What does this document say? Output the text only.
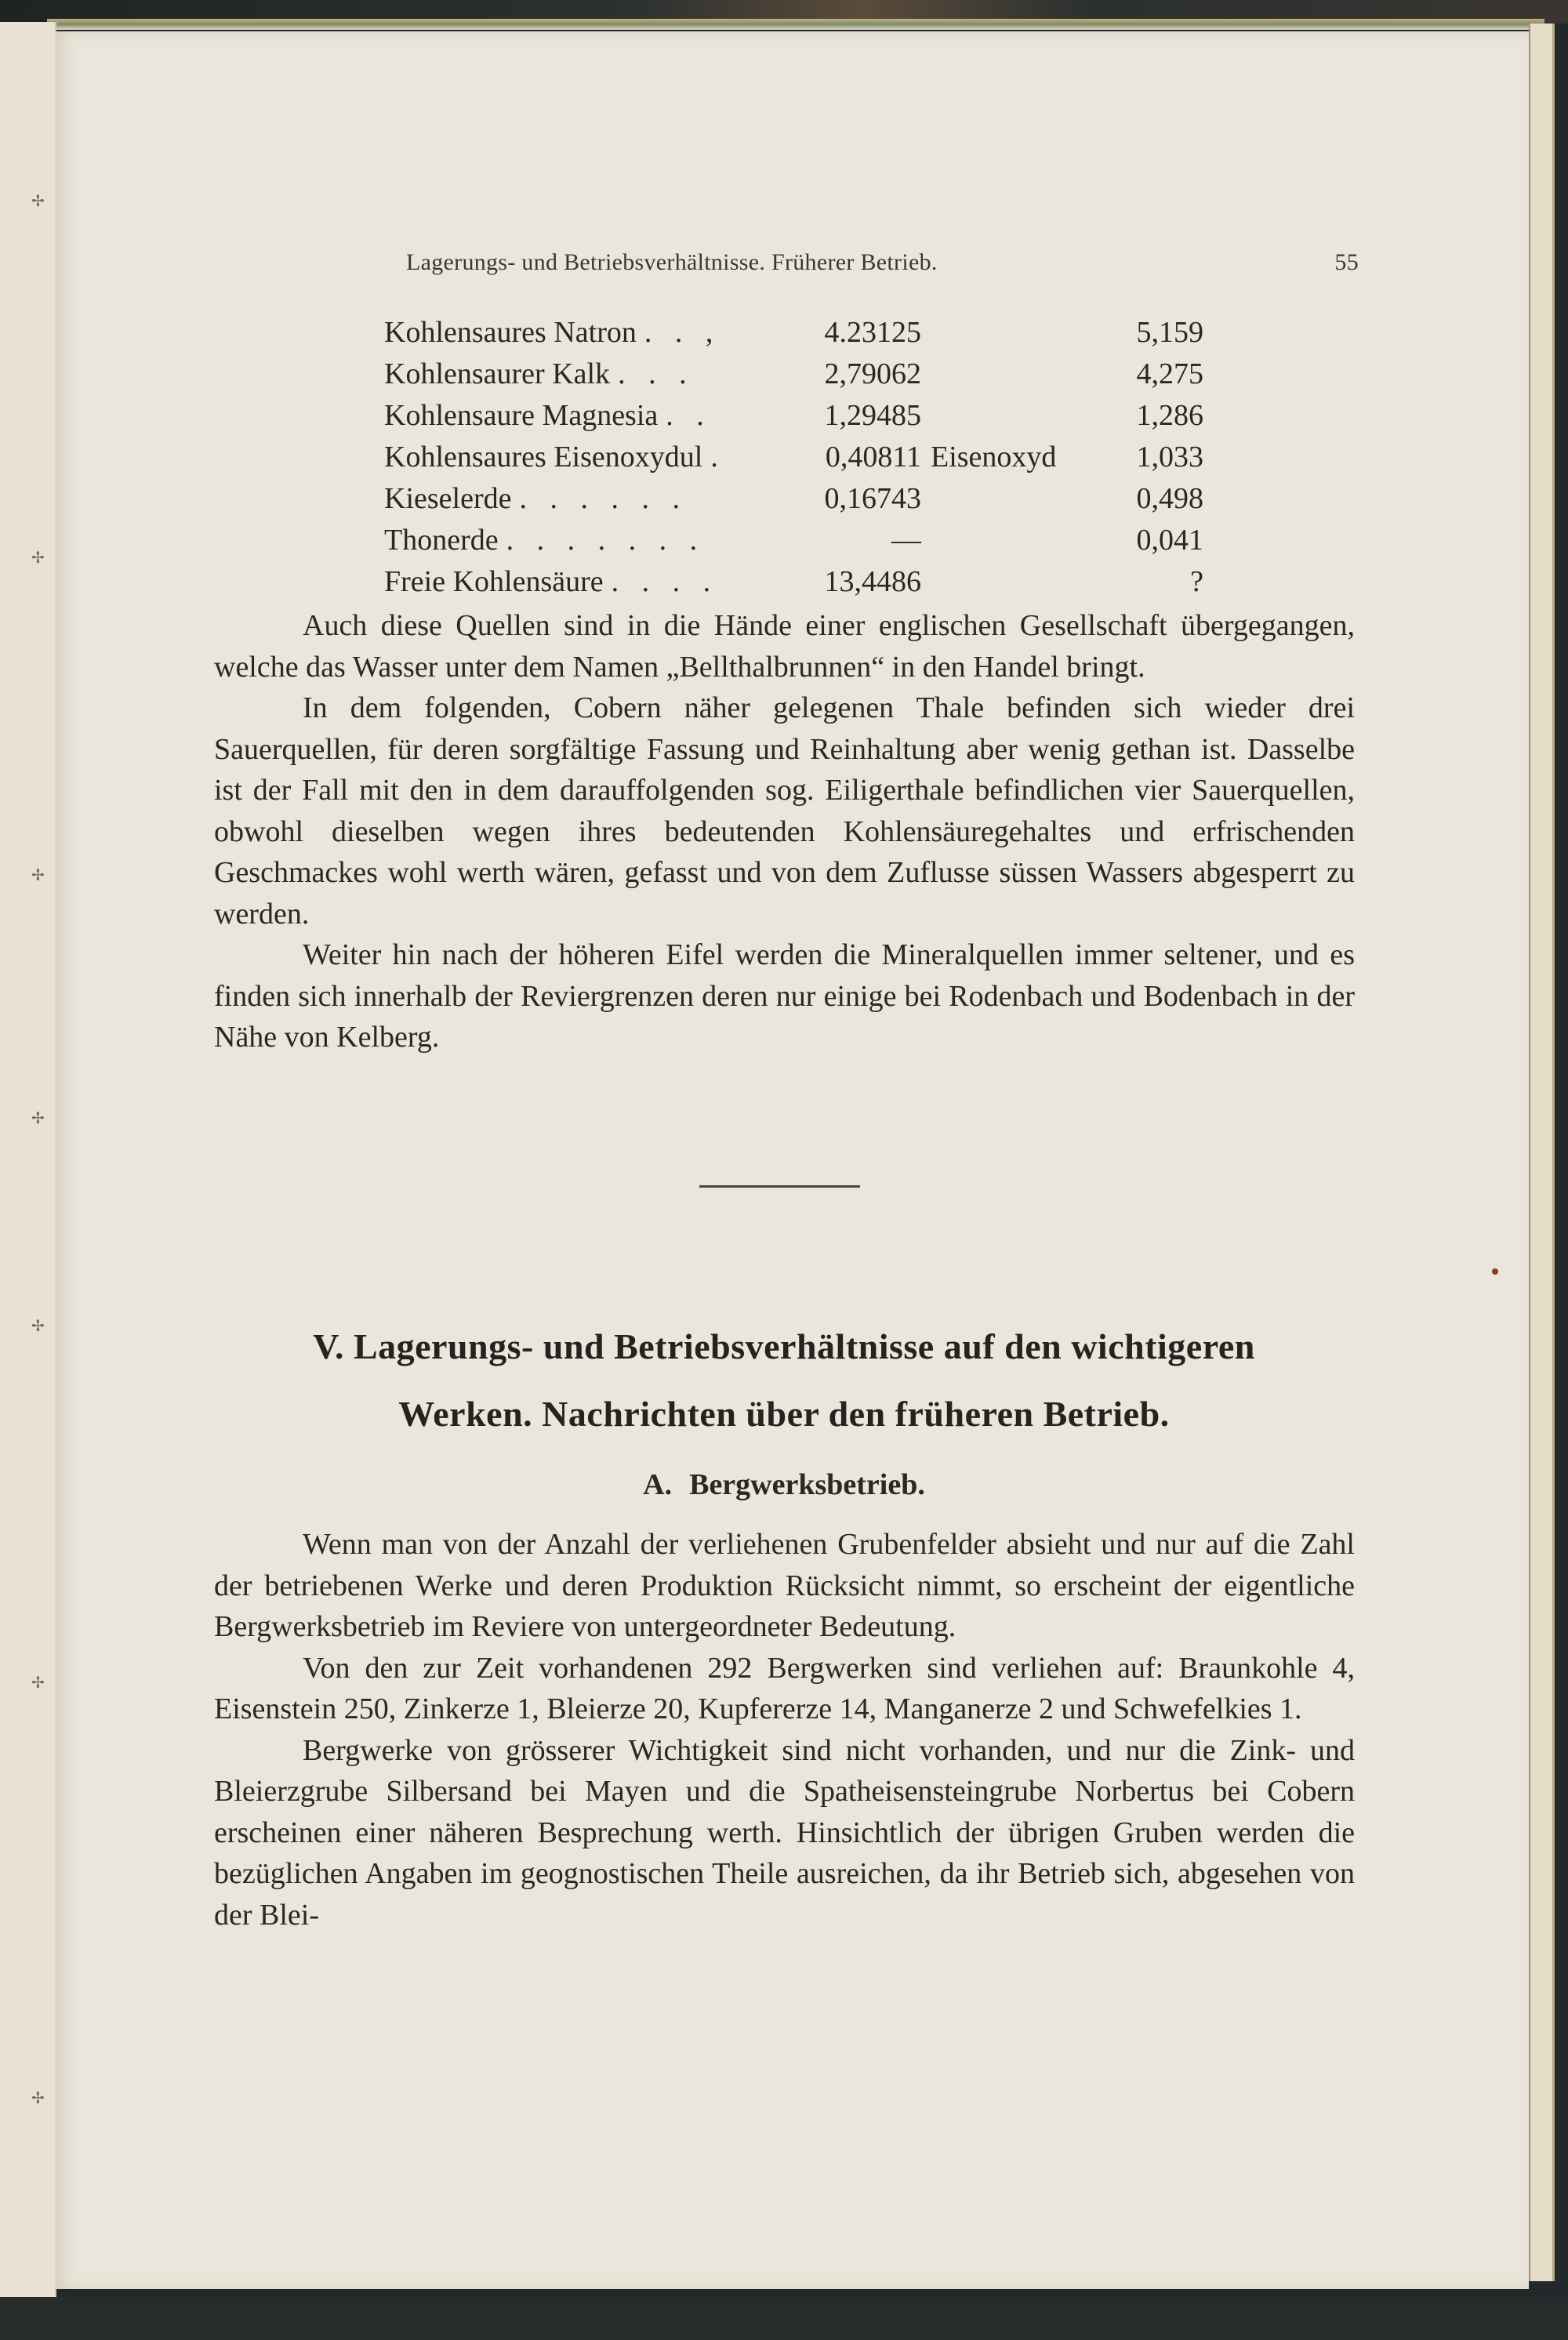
✢
✢
✢
✢
✢
✢
✢
Lagerungs- und Betriebsverhältnisse. Früherer Betrieb.	55
Kohlensaures Natron . . ,	4.23125	5,159
Kohlensaurer Kalk . . .	2,79062	4,275
Kohlensaure Magnesia . .	1,29485	1,286
Kohlensaures Eisenoxydul .	0,40811 Eisenoxyd	1,033
Kieselerde . . . . . .	0,16743	0,498
Thonerde . . . . . . .	—	0,041
Freie Kohlensäure . . . .	13,4486	?

Auch diese Quellen sind in die Hände einer englischen Gesellschaft übergegangen, welche das Wasser unter dem Namen „Bellthalbrunnen“ in den Handel bringt.

In dem folgenden, Cobern näher gelegenen Thale befinden sich wieder drei Sauerquellen, für deren sorgfältige Fassung und Reinhaltung aber wenig gethan ist. Dasselbe ist der Fall mit den in dem darauffolgenden sog. Eiligerthale befindlichen vier Sauerquellen, obwohl dieselben wegen ihres bedeutenden Kohlensäuregehaltes und erfrischenden Geschmackes wohl werth wären, gefasst und von dem Zuflusse süssen Wassers abgesperrt zu werden.

Weiter hin nach der höheren Eifel werden die Mineralquellen immer seltener, und es finden sich innerhalb der Reviergrenzen deren nur einige bei Rodenbach und Bodenbach in der Nähe von Kelberg.

V. Lagerungs- und Betriebsverhältnisse auf den wichtigeren
Werken. Nachrichten über den früheren Betrieb.
A. Bergwerksbetrieb.

Wenn man von der Anzahl der verliehenen Grubenfelder absieht und nur auf die Zahl der betriebenen Werke und deren Produktion Rücksicht nimmt, so erscheint der eigentliche Bergwerksbetrieb im Reviere von untergeordneter Bedeutung.

Von den zur Zeit vorhandenen 292 Bergwerken sind verliehen auf: Braunkohle 4, Eisenstein 250, Zinkerze 1, Bleierze 20, Kupfererze 14, Manganerze 2 und Schwefelkies 1.

Bergwerke von grösserer Wichtigkeit sind nicht vorhanden, und nur die Zink- und Bleierzgrube Silbersand bei Mayen und die Spatheisensteingrube Norbertus bei Cobern erscheinen einer näheren Besprechung werth. Hinsichtlich der übrigen Gruben werden die bezüglichen Angaben im geognostischen Theile ausreichen, da ihr Betrieb sich, abgesehen von der Blei-
